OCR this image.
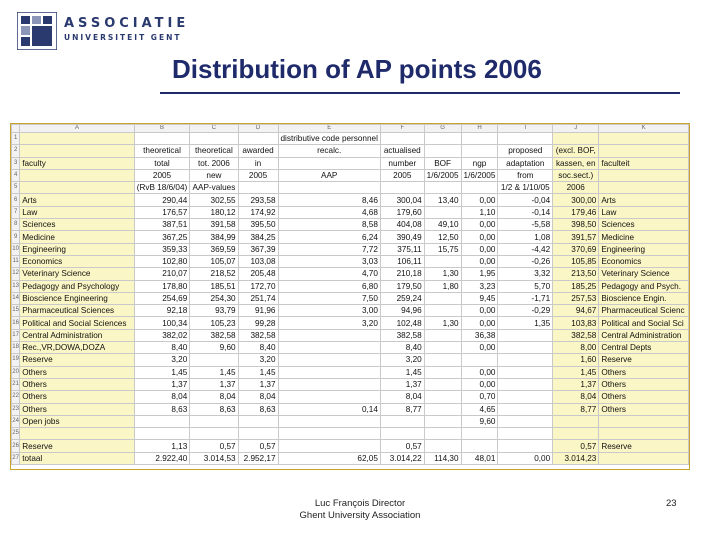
ASSOCIATIE
UNIVERSITEIT GENT
Distribution of AP points 2006
	A	B	C	D	E	F	G	H	I	J	K
1					distributive code personnel						
2		theoretical	theoretical	awarded	recalc.	actualised			proposed	(excl. BOF,	
3	faculty	total	tot. 2006	in		number	BOF	ngp	adaptation	kassen, en	faculteit
4		2005	new	2005	AAP	2005	1/6/2005	1/6/2005	from	soc.sect.)	
5		(RvB 18/6/04)	AAP-values						1/2 & 1/10/05	2006	
6	Arts	290,44	302,55	293,58	8,46	300,04	13,40	0,00	-0,04	300,00	Arts
7	Law	176,57	180,12	174,92	4,68	179,60		1,10	-0,14	179,46	Law
8	Sciences	387,51	391,58	395,50	8,58	404,08	49,10	0,00	-5,58	398,50	Sciences
9	Medicine	367,25	384,99	384,25	6,24	390,49	12,50	0,00	1,08	391,57	Medicine
10	Engineering	359,33	369,59	367,39	7,72	375,11	15,75	0,00	-4,42	370,69	Engineering
11	Economics	102,80	105,07	103,08	3,03	106,11		0,00	-0,26	105,85	Economics
12	Veterinary Science	210,07	218,52	205,48	4,70	210,18	1,30	1,95	3,32	213,50	Veterinary Science
13	Pedagogy and Psychology	178,80	185,51	172,70	6,80	179,50	1,80	3,23	5,70	185,25	Pedagogy and Psych.
14	Bioscience Engineering	254,69	254,30	251,74	7,50	259,24		9,45	-1,71	257,53	Bioscience Engin.
15	Pharmaceutical Sciences	92,18	93,79	91,96	3,00	94,96		0,00	-0,29	94,67	Pharmaceutical Scienc
16	Political and Social Sciences	100,34	105,23	99,28	3,20	102,48	1,30	0,00	1,35	103,83	Political and Social Sci
17	Central Administration	382,02	382,58	382,58		382,58		36,38		382,58	Central Administration
18	Rec.,VR,DOWA,DOZA	8,40	9,60	8,40		8,40		0,00		8,00	Central Depts
19	Reserve	3,20		3,20		3,20				1,60	Reserve
20	Others	1,45	1,45	1,45		1,45		0,00		1,45	Others
21	Others	1,37	1,37	1,37		1,37		0,00		1,37	Others
22	Others	8,04	8,04	8,04		8,04		0,70		8,04	Others
23	Others	8,63	8,63	8,63	0,14	8,77		4,65		8,77	Others
24	Open jobs							9,60			
25											
26	Reserve	1,13	0,57	0,57		0,57				0,57	Reserve
27	totaal	2.922,40	3.014,53	2.952,17	62,05	3.014,22	114,30	48,01	0,00	3.014,23	
Luc François Director
Ghent University Association
23
